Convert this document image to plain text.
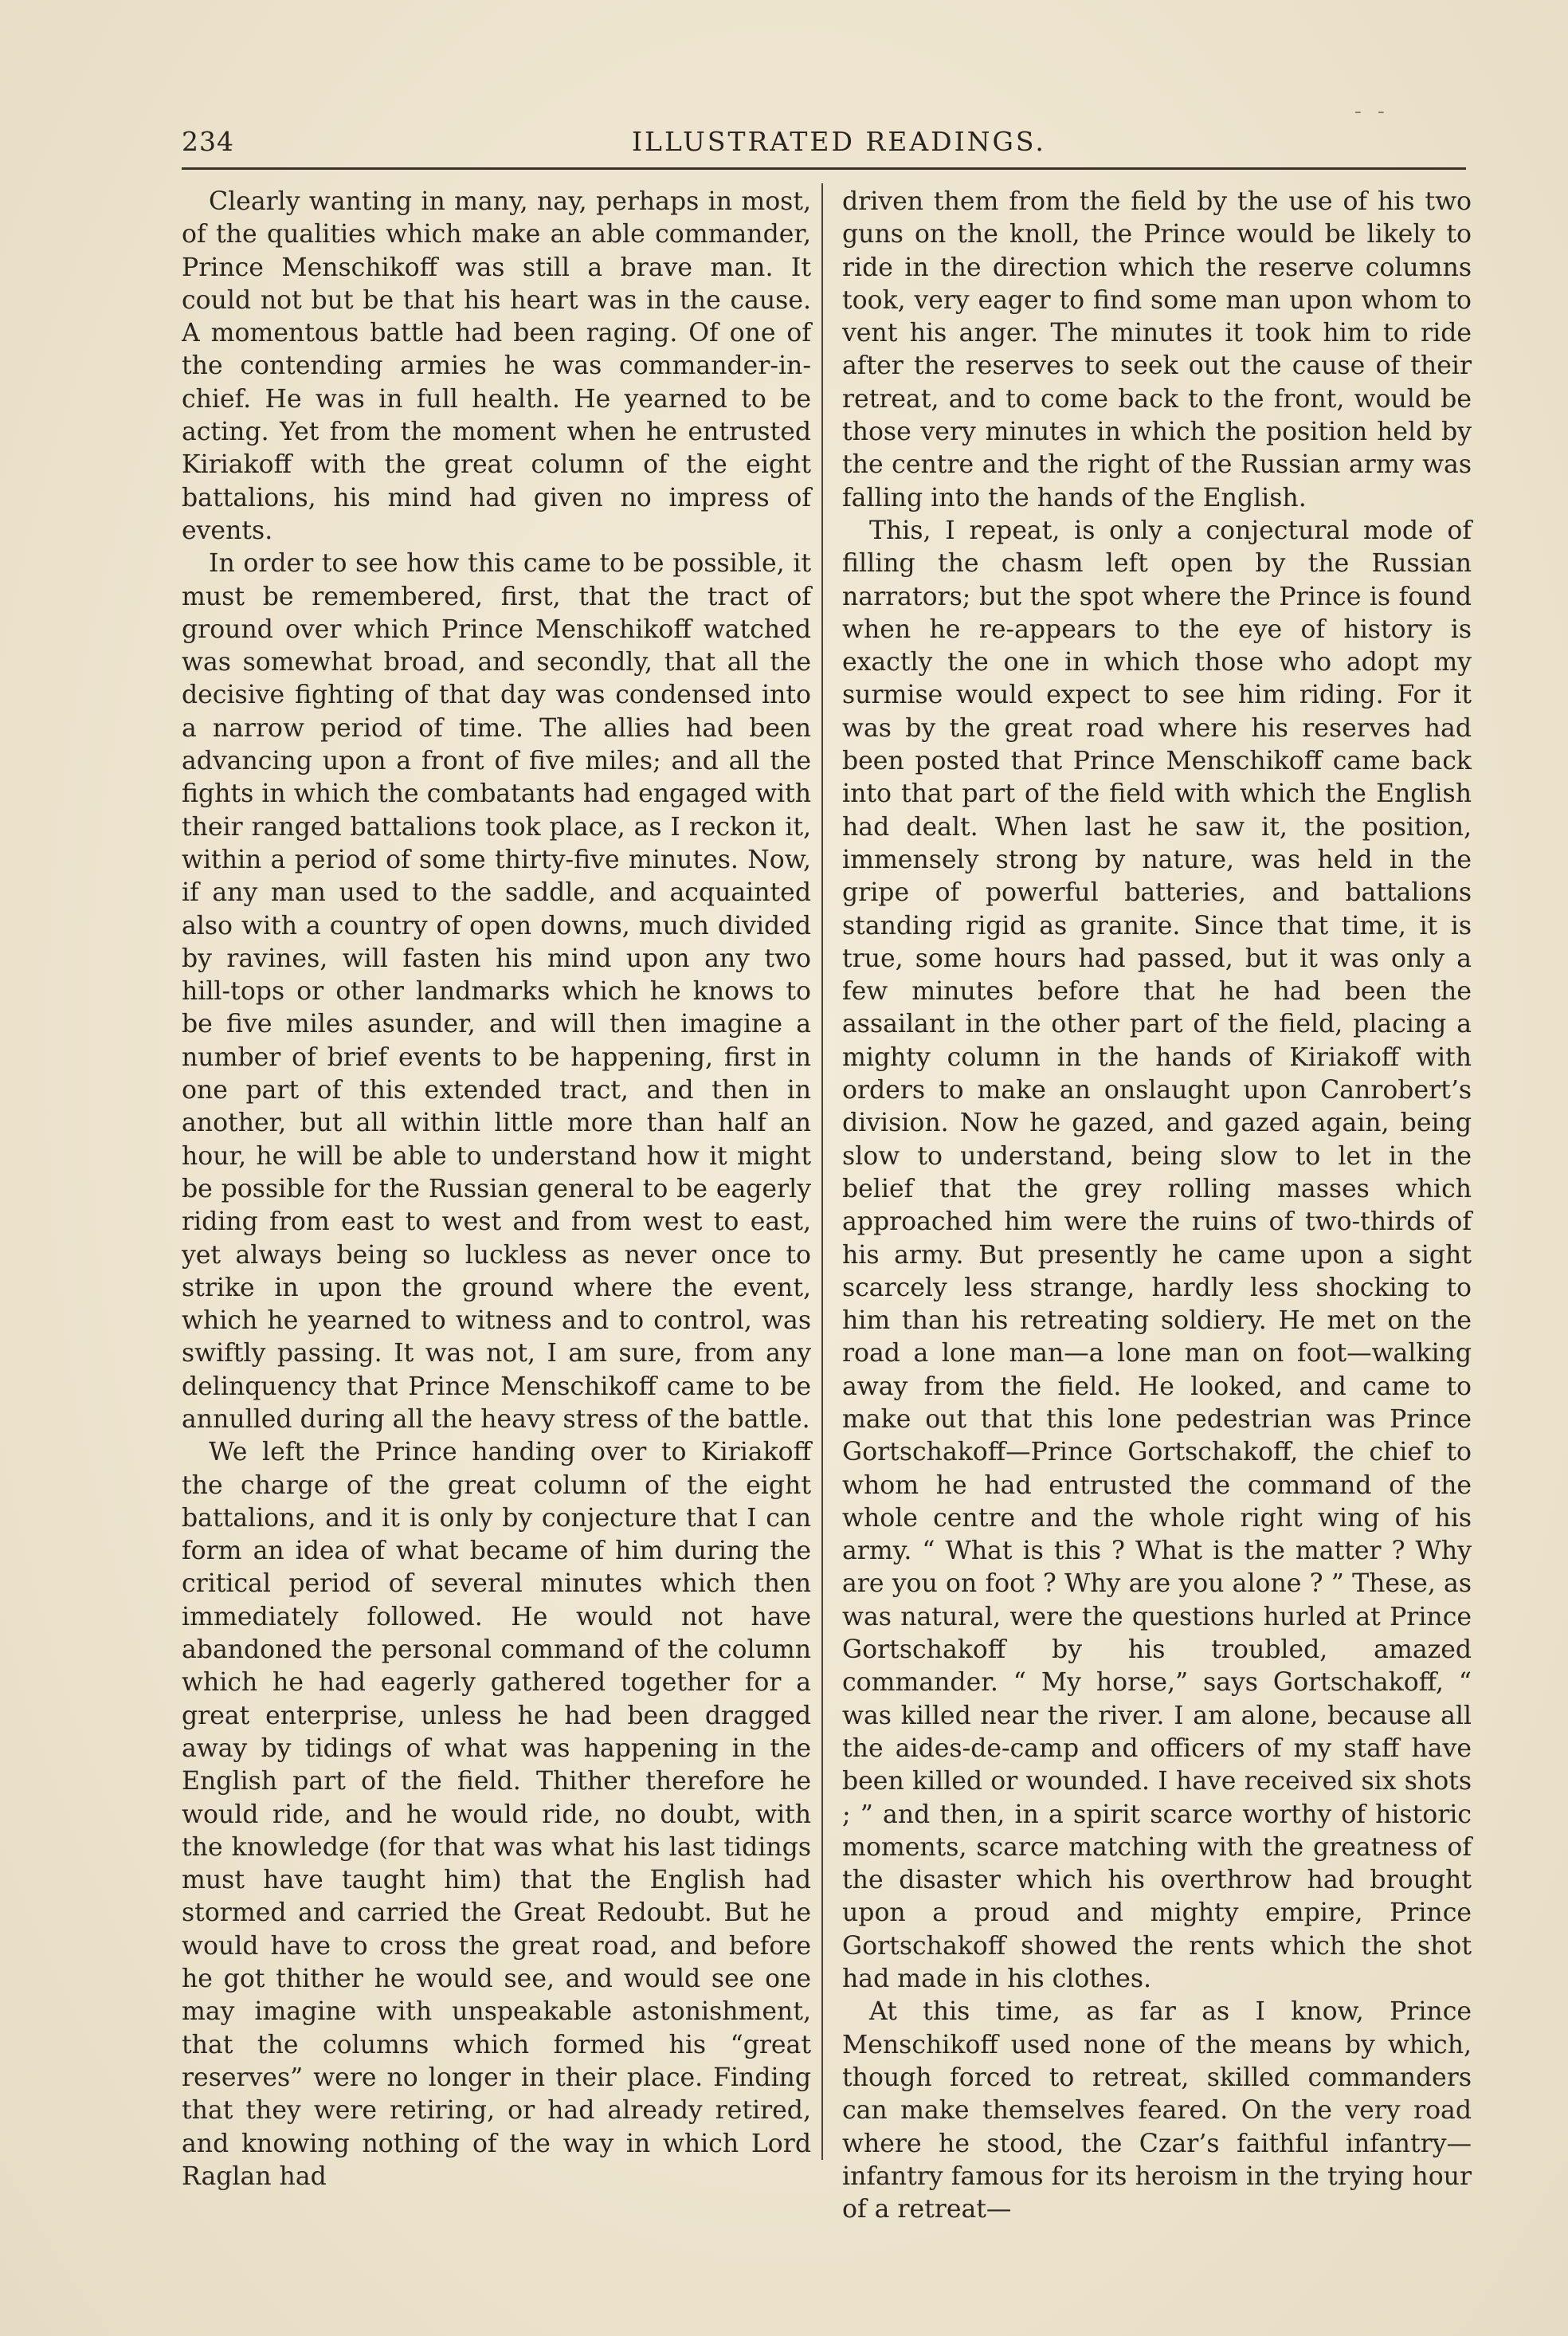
- -
234	ILLUSTRATED READINGS.

Clearly wanting in many, nay, perhaps in most, of the qualities which make an able commander, Prince Menschikoff was still a brave man. It could not but be that his heart was in the cause. A momentous battle had been raging. Of one of the contending armies he was commander-in-chief. He was in full health. He yearned to be acting. Yet from the moment when he entrusted Kiriakoff with the great column of the eight battalions, his mind had given no impress of events.

In order to see how this came to be possible, it must be remembered, first, that the tract of ground over which Prince Menschikoff watched was somewhat broad, and secondly, that all the decisive fighting of that day was condensed into a narrow period of time. The allies had been advancing upon a front of five miles; and all the fights in which the combatants had engaged with their ranged battalions took place, as I reckon it, within a period of some thirty-five minutes. Now, if any man used to the saddle, and acquainted also with a country of open downs, much divided by ravines, will fasten his mind upon any two hill-tops or other landmarks which he knows to be five miles asunder, and will then imagine a number of brief events to be happening, first in one part of this extended tract, and then in another, but all within little more than half an hour, he will be able to understand how it might be possible for the Russian general to be eagerly riding from east to west and from west to east, yet always being so luckless as never once to strike in upon the ground where the event, which he yearned to witness and to control, was swiftly passing. It was not, I am sure, from any delinquency that Prince Menschikoff came to be annulled during all the heavy stress of the battle.

We left the Prince handing over to Kiriakoff the charge of the great column of the eight battalions, and it is only by conjecture that I can form an idea of what became of him during the critical period of several minutes which then immediately followed. He would not have abandoned the personal command of the column which he had eagerly gathered together for a great enterprise, unless he had been dragged away by tidings of what was happening in the English part of the field. Thither therefore he would ride, and he would ride, no doubt, with the knowledge (for that was what his last tidings must have taught him) that the English had stormed and carried the Great Redoubt. But he would have to cross the great road, and before he got thither he would see, and would see one may imagine with unspeakable astonishment, that the columns which formed his “great reserves” were no longer in their place. Finding that they were retiring, or had already retired, and knowing nothing of the way in which Lord Raglan had

driven them from the field by the use of his two guns on the knoll, the Prince would be likely to ride in the direction which the reserve columns took, very eager to find some man upon whom to vent his anger. The minutes it took him to ride after the reserves to seek out the cause of their retreat, and to come back to the front, would be those very minutes in which the position held by the centre and the right of the Russian army was falling into the hands of the English.

This, I repeat, is only a conjectural mode of filling the chasm left open by the Russian narrators; but the spot where the Prince is found when he re-appears to the eye of history is exactly the one in which those who adopt my surmise would expect to see him riding. For it was by the great road where his reserves had been posted that Prince Menschikoff came back into that part of the field with which the English had dealt. When last he saw it, the position, immensely strong by nature, was held in the gripe of powerful batteries, and battalions standing rigid as granite. Since that time, it is true, some hours had passed, but it was only a few minutes before that he had been the assailant in the other part of the field, placing a mighty column in the hands of Kiriakoff with orders to make an onslaught upon Canrobert’s division. Now he gazed, and gazed again, being slow to understand, being slow to let in the belief that the grey rolling masses which approached him were the ruins of two-thirds of his army. But presently he came upon a sight scarcely less strange, hardly less shocking to him than his retreating soldiery. He met on the road a lone man—a lone man on foot—walking away from the field. He looked, and came to make out that this lone pedestrian was Prince Gortschakoff—Prince Gortschakoff, the chief to whom he had entrusted the command of the whole centre and the whole right wing of his army. “ What is this ? What is the matter ? Why are you on foot ? Why are you alone ? ” These, as was natural, were the questions hurled at Prince Gortschakoff by his troubled, amazed commander. “ My horse,” says Gortschakoff, “ was killed near the river. I am alone, because all the aides-de-camp and officers of my staff have been killed or wounded. I have received six shots ; ” and then, in a spirit scarce worthy of historic moments, scarce matching with the greatness of the disaster which his overthrow had brought upon a proud and mighty empire, Prince Gortschakoff showed the rents which the shot had made in his clothes.

At this time, as far as I know, Prince Menschikoff used none of the means by which, though forced to retreat, skilled commanders can make themselves feared. On the very road where he stood, the Czar’s faithful infantry—infantry famous for its heroism in the trying hour of a retreat—
